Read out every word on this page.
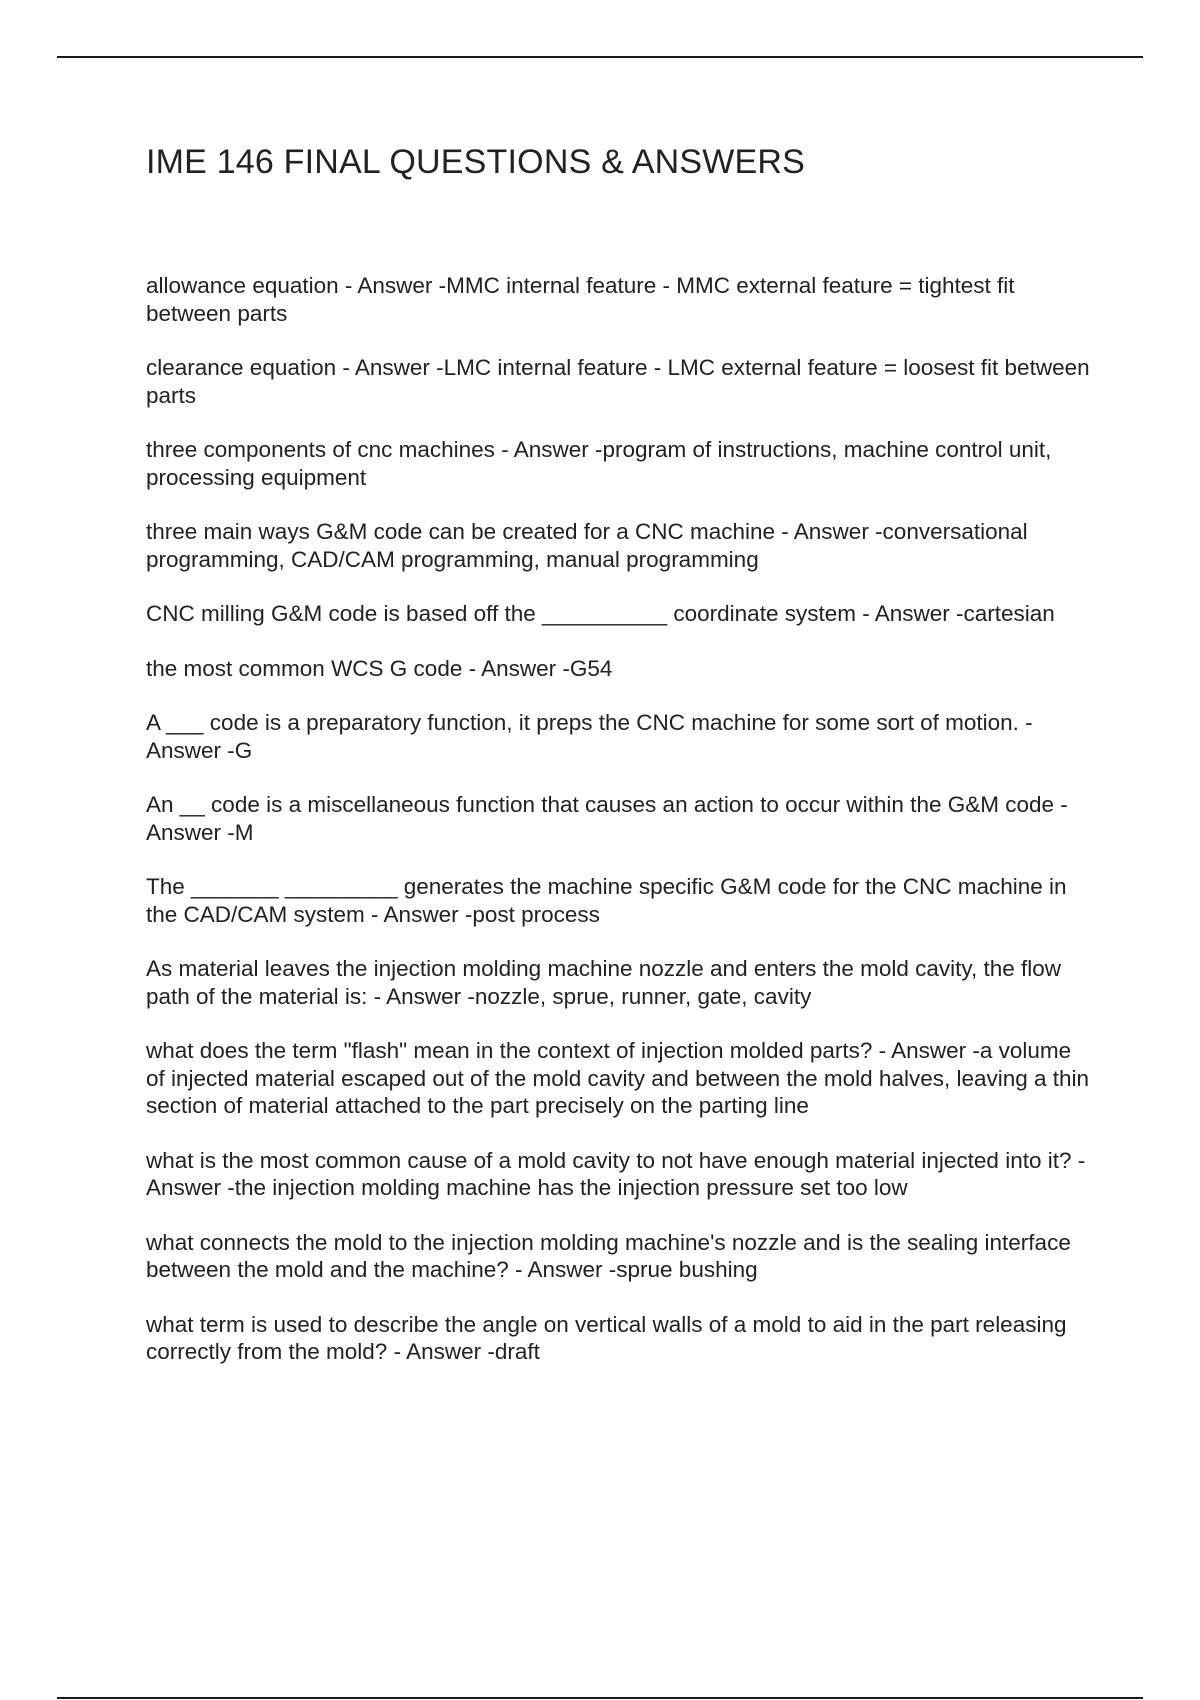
IME 146 FINAL QUESTIONS & ANSWERS
allowance equation - Answer -MMC internal feature - MMC external feature = tightest fit between parts
clearance equation - Answer -LMC internal feature - LMC external feature = loosest fit between parts
three components of cnc machines - Answer -program of instructions, machine control unit, processing equipment
three main ways G&M code can be created for a CNC machine - Answer -conversational programming, CAD/CAM programming, manual programming
CNC milling G&M code is based off the __________ coordinate system - Answer -cartesian
the most common WCS G code - Answer -G54
A ___ code is a preparatory function, it preps the CNC machine for some sort of motion. - Answer -G
An __ code is a miscellaneous function that causes an action to occur within the G&M code - Answer -M
The _______ _________ generates the machine specific G&M code for the CNC machine in the CAD/CAM system - Answer -post process
As material leaves the injection molding machine nozzle and enters the mold cavity, the flow path of the material is: - Answer -nozzle, sprue, runner, gate, cavity
what does the term "flash" mean in the context of injection molded parts? - Answer -a volume of injected material escaped out of the mold cavity and between the mold halves, leaving a thin section of material attached to the part precisely on the parting line
what is the most common cause of a mold cavity to not have enough material injected into it? - Answer -the injection molding machine has the injection pressure set too low
what connects the mold to the injection molding machine's nozzle and is the sealing interface between the mold and the machine? - Answer -sprue bushing
what term is used to describe the angle on vertical walls of a mold to aid in the part releasing correctly from the mold? - Answer -draft
